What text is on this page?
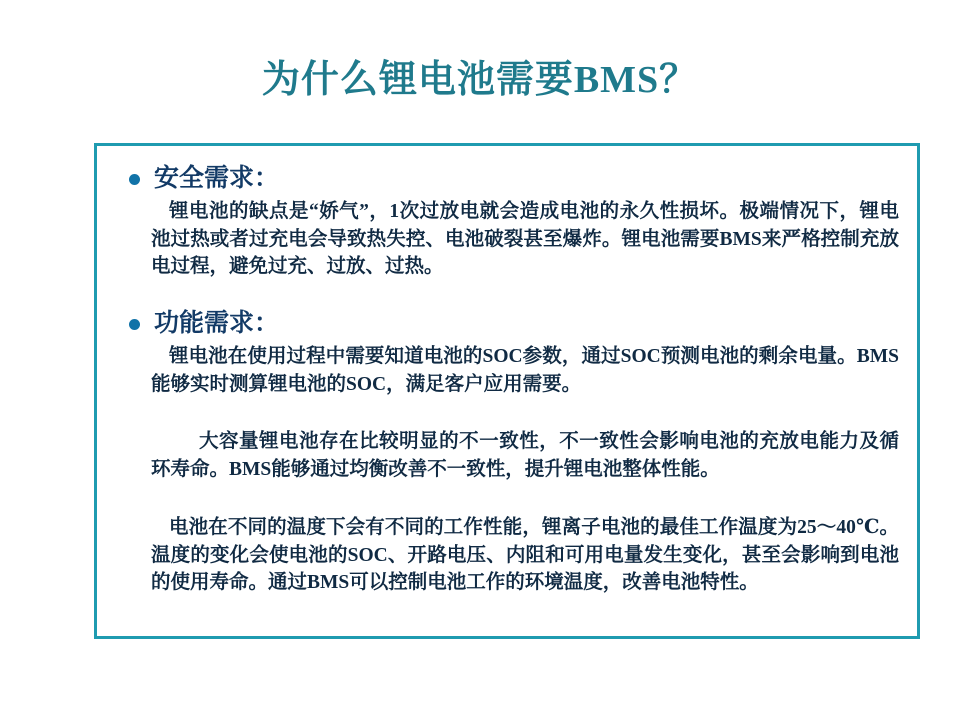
为什么锂电池需要BMS？
安全需求：

锂电池的缺点是“娇气”，1次过放电就会造成电池的永久性损坏。极端情况下，锂电池过热或者过充电会导致热失控、电池破裂甚至爆炸。锂电池需要BMS来严格控制充放电过程，避免过充、过放、过热。

功能需求：

锂电池在使用过程中需要知道电池的SOC参数，通过SOC预测电池的剩余电量。BMS能够实时测算锂电池的SOC，满足客户应用需要。

大容量锂电池存在比较明显的不一致性，不一致性会影响电池的充放电能力及循环寿命。BMS能够通过均衡改善不一致性，提升锂电池整体性能。

电池在不同的温度下会有不同的工作性能，锂离子电池的最佳工作温度为25～40℃。温度的变化会使电池的SOC、开路电压、内阻和可用电量发生变化，甚至会影响到电池的使用寿命。通过BMS可以控制电池工作的环境温度，改善电池特性。
